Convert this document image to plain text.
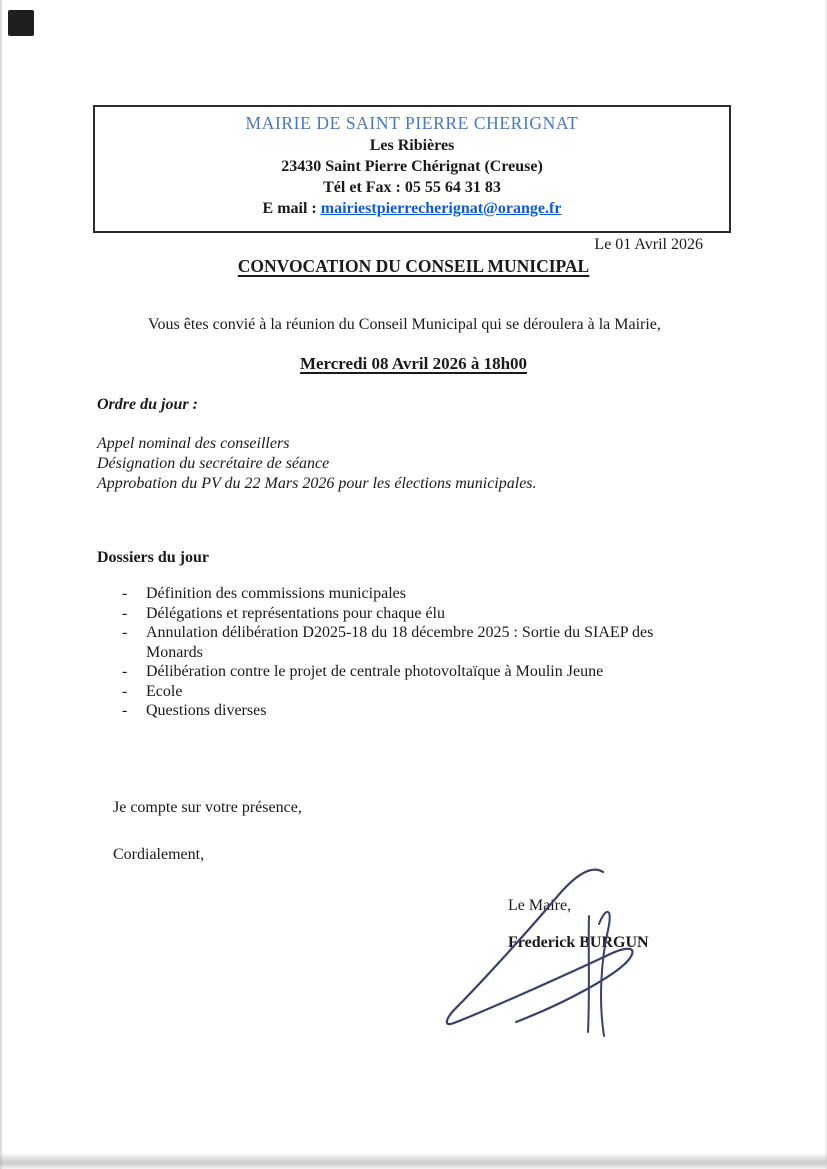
MAIRIE DE SAINT PIERRE CHERIGNAT
Les Ribières
23430 Saint Pierre Chérignat (Creuse)
Tél et Fax : 05 55 64 31 83
E mail : mairiestpierrecherignat@orange.fr
Le 01 Avril 2026
CONVOCATION DU CONSEIL MUNICIPAL

Vous êtes convié à la réunion du Conseil Municipal qui se déroulera à la Mairie,

Mercredi 08 Avril 2026 à 18h00
Ordre du jour :
Appel nominal des conseillers
Désignation du secrétaire de séance
Approbation du PV du 22 Mars 2026 pour les élections municipales.
Dossiers du jour
-
Définition des commissions municipales
-
Délégations et représentations pour chaque élu
-
Annulation délibération D2025-18 du 18 décembre 2025 : Sortie du SIAEP des Monards
-
Délibération contre le projet de centrale photovoltaïque à Moulin Jeune
-
Ecole
-
Questions diverses
Je compte sur votre présence,
Cordialement,
Le Maire,
Frederick BURGUN
